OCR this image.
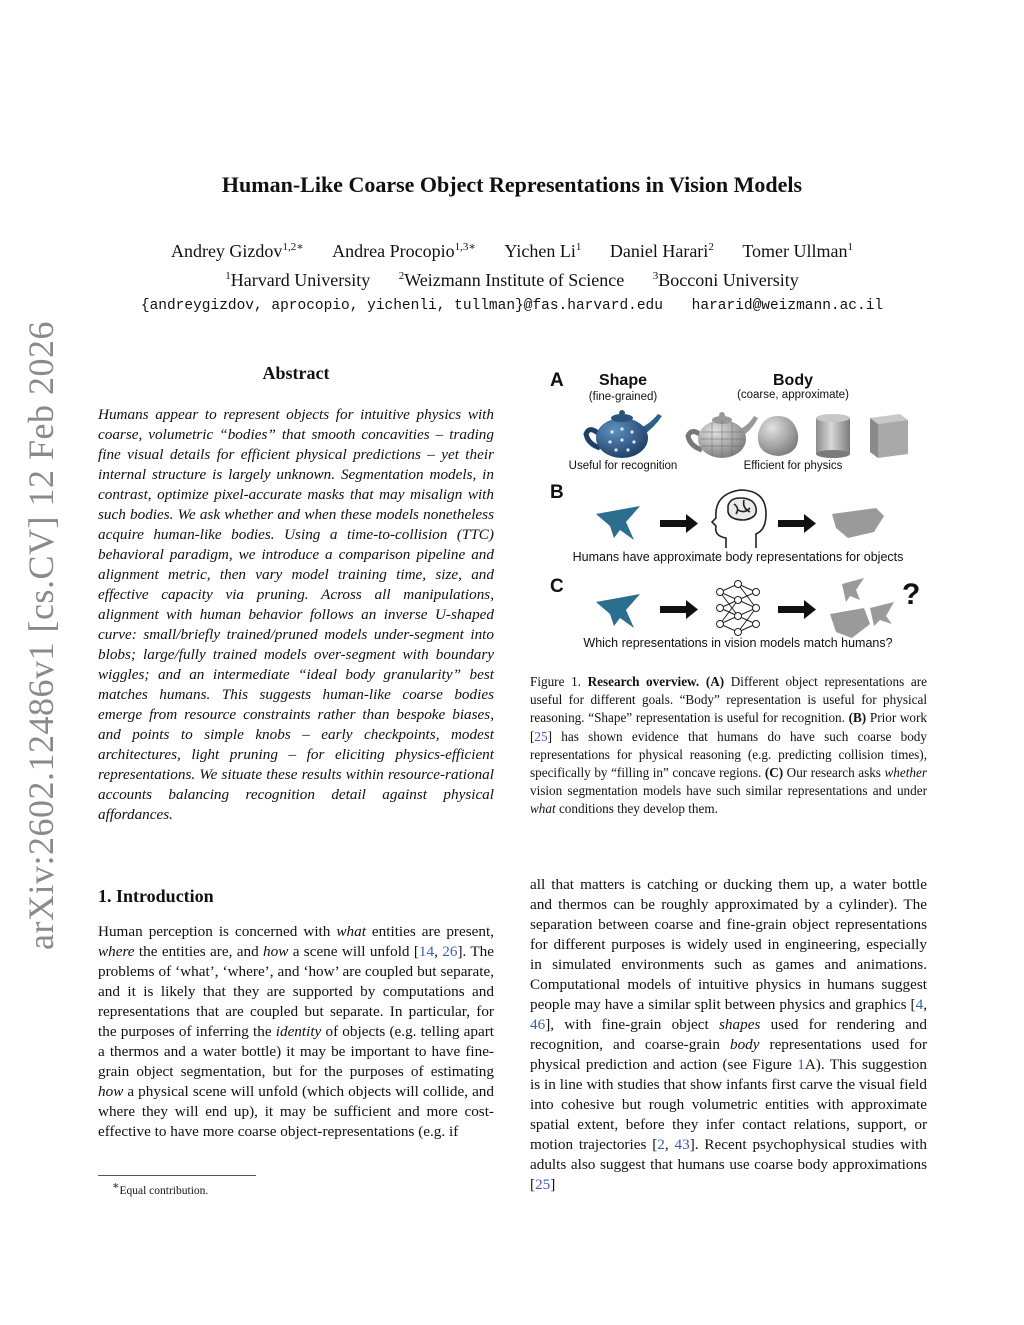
arXiv:2602.12486v1 [cs.CV] 12 Feb 2026
Human-Like Coarse Object Representations in Vision Models
Andrey Gizdov$^{1,2∗}$ Andrea Procopio$^{1,3∗}$ Yichen Li$^1$ Daniel Harari$^2$ Tomer Ullman$^1$
$^1$Harvard University	$^2$Weizmann Institute of Science	$^3$Bocconi University
{andreygizdov, aprocopio, yichenli, tullman}@fas.harvard.edu hararid@weizmann.ac.il
Abstract

Humans appear to represent objects for intuitive physics with coarse, volumetric “bodies” that smooth concavities – trading fine visual details for efficient physical predictions – yet their internal structure is largely unknown. Segmentation models, in contrast, optimize pixel-accurate masks that may misalign with such bodies. We ask whether and when these models nonetheless acquire human-like bodies. Using a time-to-collision (TTC) behavioral paradigm, we introduce a comparison pipeline and alignment metric, then vary model training time, size, and effective capacity via pruning. Across all manipulations, alignment with human behavior follows an inverse U-shaped curve: small/briefly trained/pruned models under-segment into blobs; large/fully trained models over-segment with boundary wiggles; and an intermediate “ideal body granularity” best matches humans. This suggests human-like coarse bodies emerge from resource constraints rather than bespoke biases, and points to simple knobs – early checkpoints, modest architectures, light pruning – for eliciting physics-efficient representations. We situate these results within resource-rational accounts balancing recognition detail against physical affordances.

1. Introduction

Human perception is concerned with what entities are present, where the entities are, and how a scene will unfold [14, 26]. The problems of ‘what’, ‘where’, and ‘how’ are coupled but separate, and it is likely that they are supported by computations and representations that are coupled but separate. In particular, for the purposes of inferring the identity of objects (e.g. telling apart a thermos and a water bottle) it may be important to have fine-grain object segmentation, but for the purposes of estimating how a physical scene will unfold (which objects will collide, and where they will end up), it may be sufficient and more cost-effective to have more coarse object-representations (e.g. if

all that matters is catching or ducking them up, a water bottle and thermos can be roughly approximated by a cylinder). The separation between coarse and fine-grain object representations for different purposes is widely used in engineering, especially in simulated environments such as games and animations. Computational models of intuitive physics in humans suggest people may have a similar split between physics and graphics [4, 46], with fine-grain object shapes used for rendering and recognition, and coarse-grain body representations used for physical prediction and action (see Figure 1A). This suggestion is in line with studies that show infants first carve the visual field into cohesive but rough volumetric entities with approximate spatial extent, before they infer contact relations, support, or motion trajectories [2, 43]. Recent psychophysical studies with adults also suggest that humans use coarse body approximations [25]

∗Equal contribution.
A Shape
(fine-grained)
Body
(coarse, approximate)
Useful for recognition	Efficient for physics
B
Humans have approximate body representations for objects
C	?
Which representations in vision models match humans?

Figure 1. Research overview. (A) Different object representations are useful for different goals. “Body” representation is useful for physical reasoning. “Shape” representation is useful for recognition. (B) Prior work [25] has shown evidence that humans do have such coarse body representations for physical reasoning (e.g. predicting collision times), specifically by “filling in” concave regions. (C) Our research asks whether vision segmentation models have such similar representations and under what conditions they develop them.
